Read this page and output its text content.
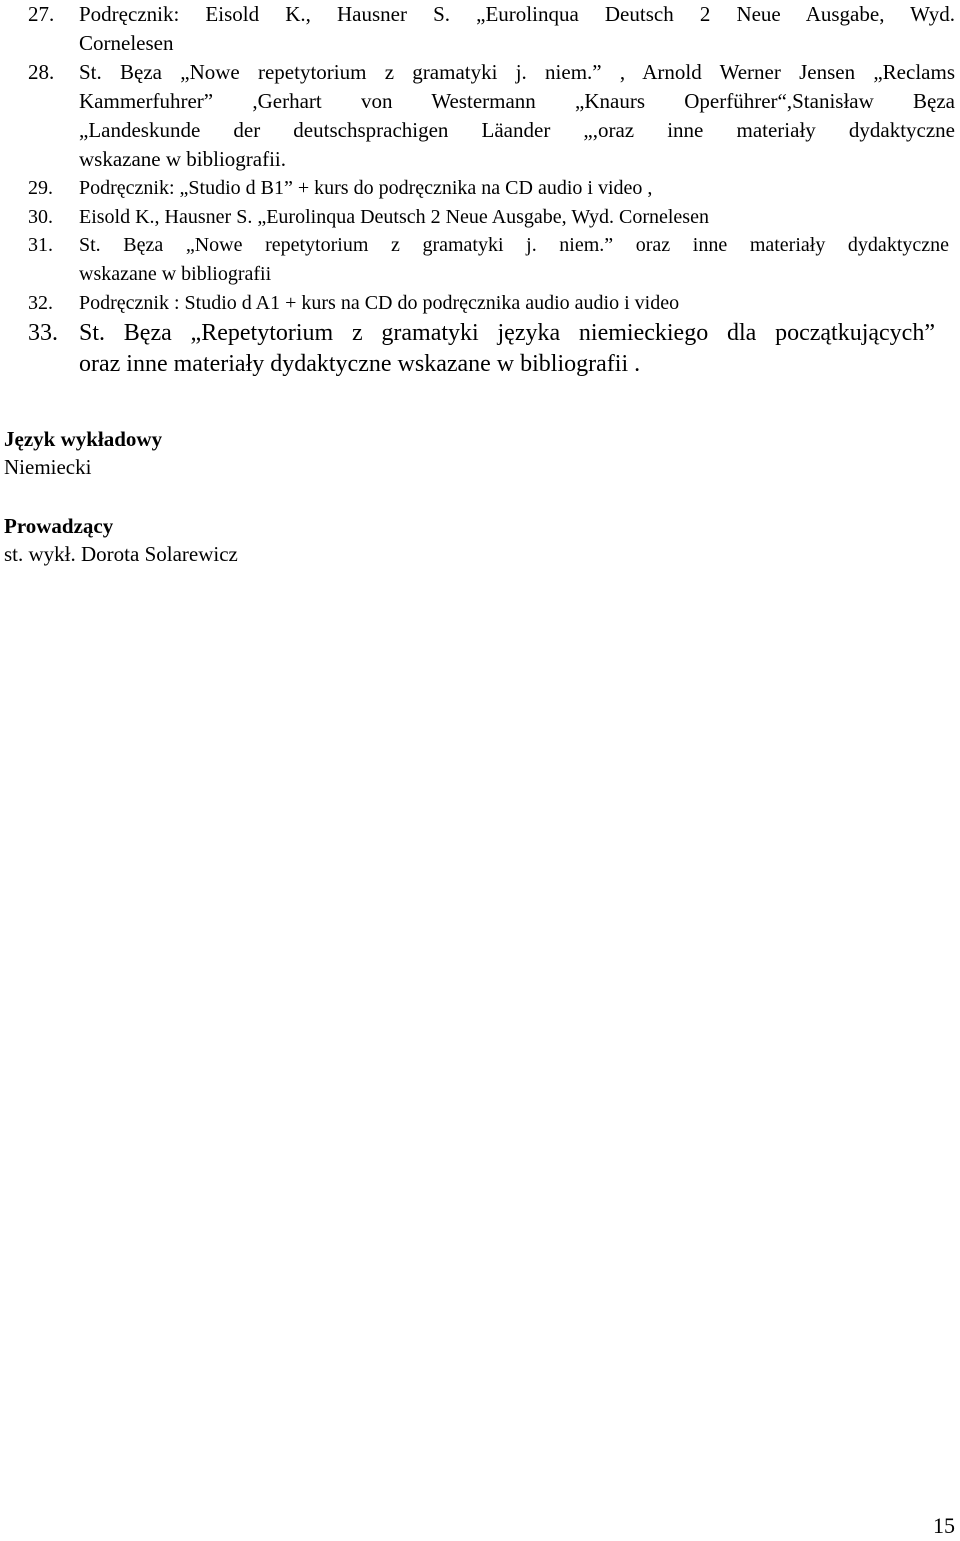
27. Podręcznik: Eisold K., Hausner S. „Eurolinqua Deutsch 2 Neue Ausgabe, Wyd.
Cornelesen
28. St. Bęza „Nowe repetytorium z gramatyki j. niem.” , Arnold Werner Jensen „Reclams
Kammerfuhrer” ,Gerhart von Westermann „Knaurs Operführer“,Stanisław Bęza
„Landeskunde der deutschsprachigen Läander „,oraz inne materiały dydaktyczne
wskazane w bibliografii.
29. Podręcznik: „Studio d B1” + kurs do podręcznika na CD audio i video ,
30. Eisold K., Hausner S. „Eurolinqua Deutsch 2 Neue Ausgabe, Wyd. Cornelesen
31. St. Bęza „Nowe repetytorium z gramatyki j. niem.” oraz inne materiały dydaktyczne
wskazane w bibliografii
32. Podręcznik : Studio d A1 + kurs na CD do podręcznika audio audio i video
33. St. Bęza „Repetytorium z gramatyki języka niemieckiego dla początkujących”
oraz inne materiały dydaktyczne wskazane w bibliografii .
Język wykładowy
Niemiecki
Prowadzący
st. wykł. Dorota Solarewicz
15
